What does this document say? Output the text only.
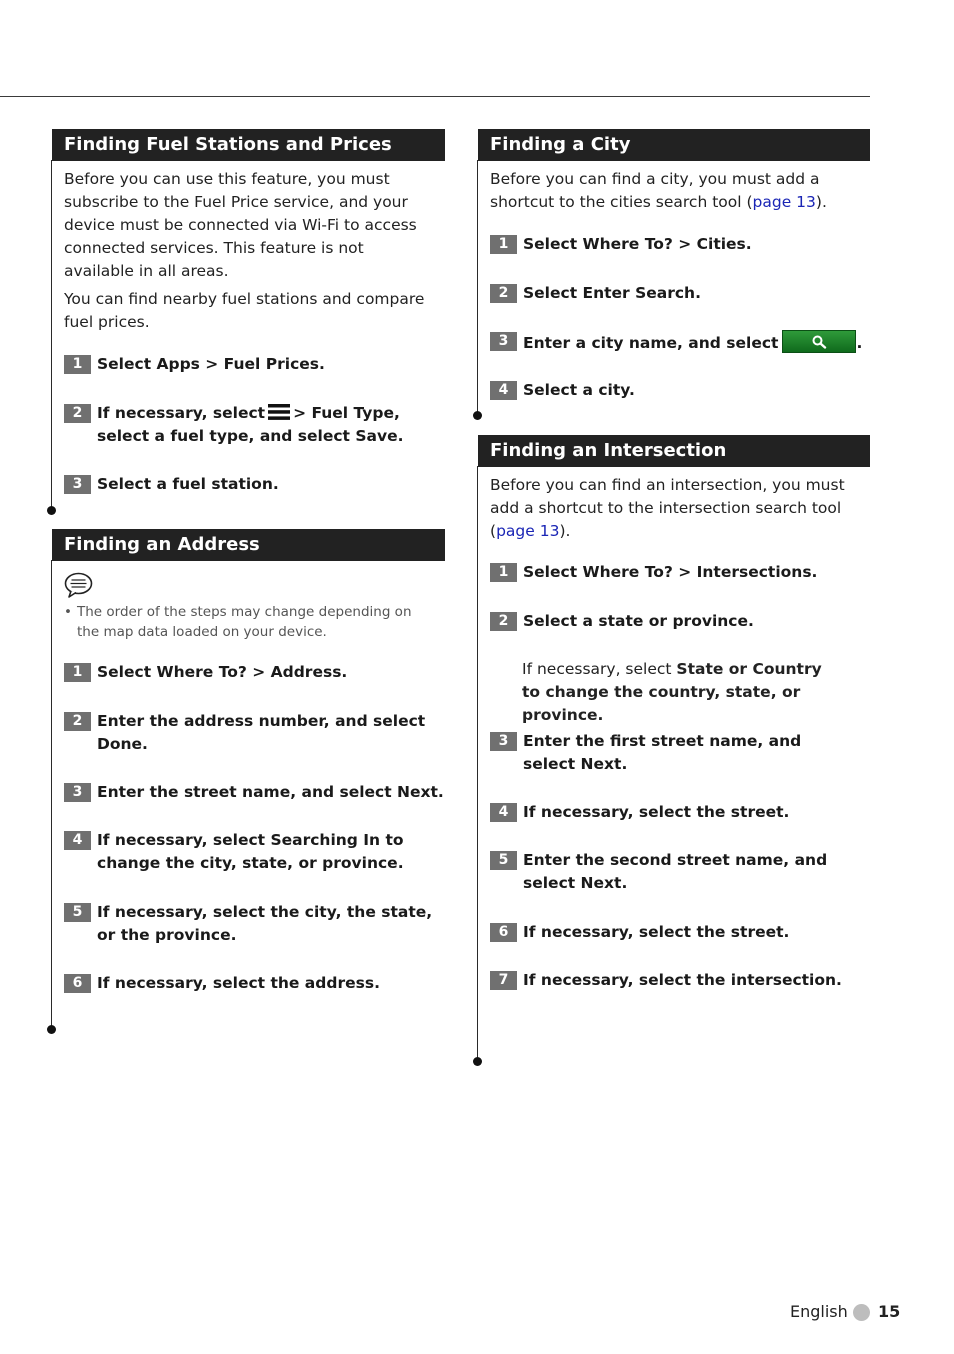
Finding Fuel Stations and Prices

Before you can use this feature, you must subscribe to the Fuel Price service, and your device must be connected via Wi-Fi to access connected services. This feature is not available in all areas.

You can find nearby fuel stations and compare fuel prices.

1 Select Apps > Fuel Prices.
2 If necessary, select > Fuel Type, select a fuel type, and select Save.
3 Select a fuel station.
Finding an Address
• The order of the steps may change depending on the map data loaded on your device.
1 Select Where To? > Address.
2 Enter the address number, and select Done.
3 Enter the street name, and select Next.
4 If necessary, select Searching In to change the city, state, or province.
5 If necessary, select the city, the state, or the province.
6 If necessary, select the address.
Finding a City

Before you can find a city, you must add a shortcut to the cities search tool (page 13).

1 Select Where To? > Cities.
2 Select Enter Search.
3 Enter a city name, and select	.
4 Select a city.
Finding an Intersection

Before you can find an intersection, you must add a shortcut to the intersection search tool (page 13).

1 Select Where To? > Intersections.
2 Select a state or province.
If necessary, select State or Country to change the country, state, or province.
3 Enter the first street name, and select Next.
4 If necessary, select the street.
5 Enter the second street name, and select Next.
6 If necessary, select the street.
7 If necessary, select the intersection.
English 15
